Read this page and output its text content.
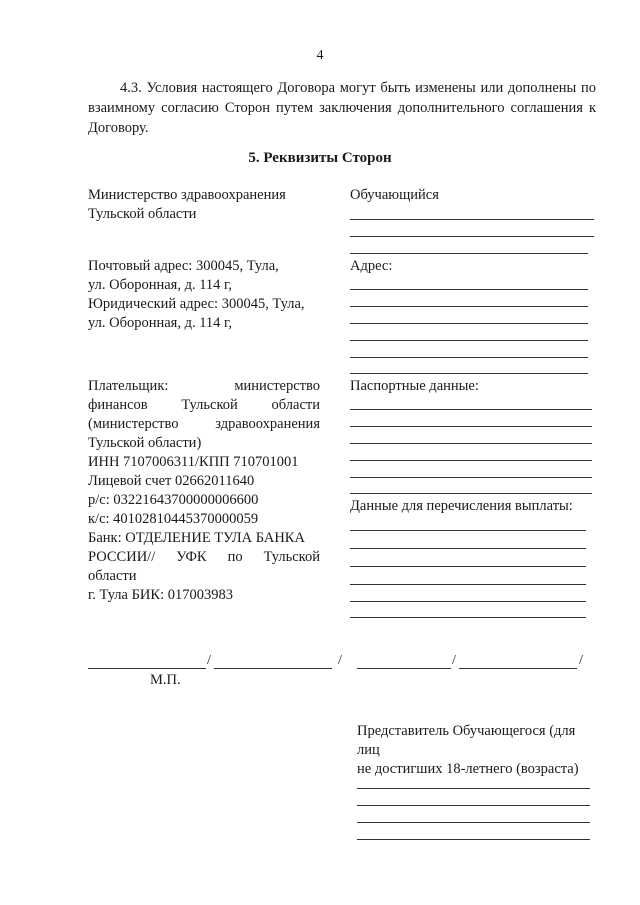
4
4.3. Условия настоящего Договора могут быть изменены или дополнены по взаимному согласию Сторон путем заключения дополнительного соглашения к Договору.
5. Реквизиты Сторон
Министерство здравоохранения
Тульской области
Почтовый адрес: 300045, Тула,
ул. Оборонная, д. 114 г,
Юридический адрес: 300045, Тула,
ул. Оборонная, д. 114 г,
Плательщик:	министерство
финансов Тульской области
(министерство	здравоохранения
Тульской области)
ИНН 7107006311/КПП 710701001
Лицевой счет 02662011640
р/с: 03221643700000006600
к/с: 40102810445370000059
Банк: ОТДЕЛЕНИЕ ТУЛА БАНКА
РОССИИ// УФК по Тульской
области
г. Тула БИК: 017003983
Обучающийся
Адрес:
Паспортные данные:
Данные для перечисления выплаты:
/	/	/	/
М.П.
Представитель Обучающегося (для
лиц
не достигших 18-летнего (возраста)
